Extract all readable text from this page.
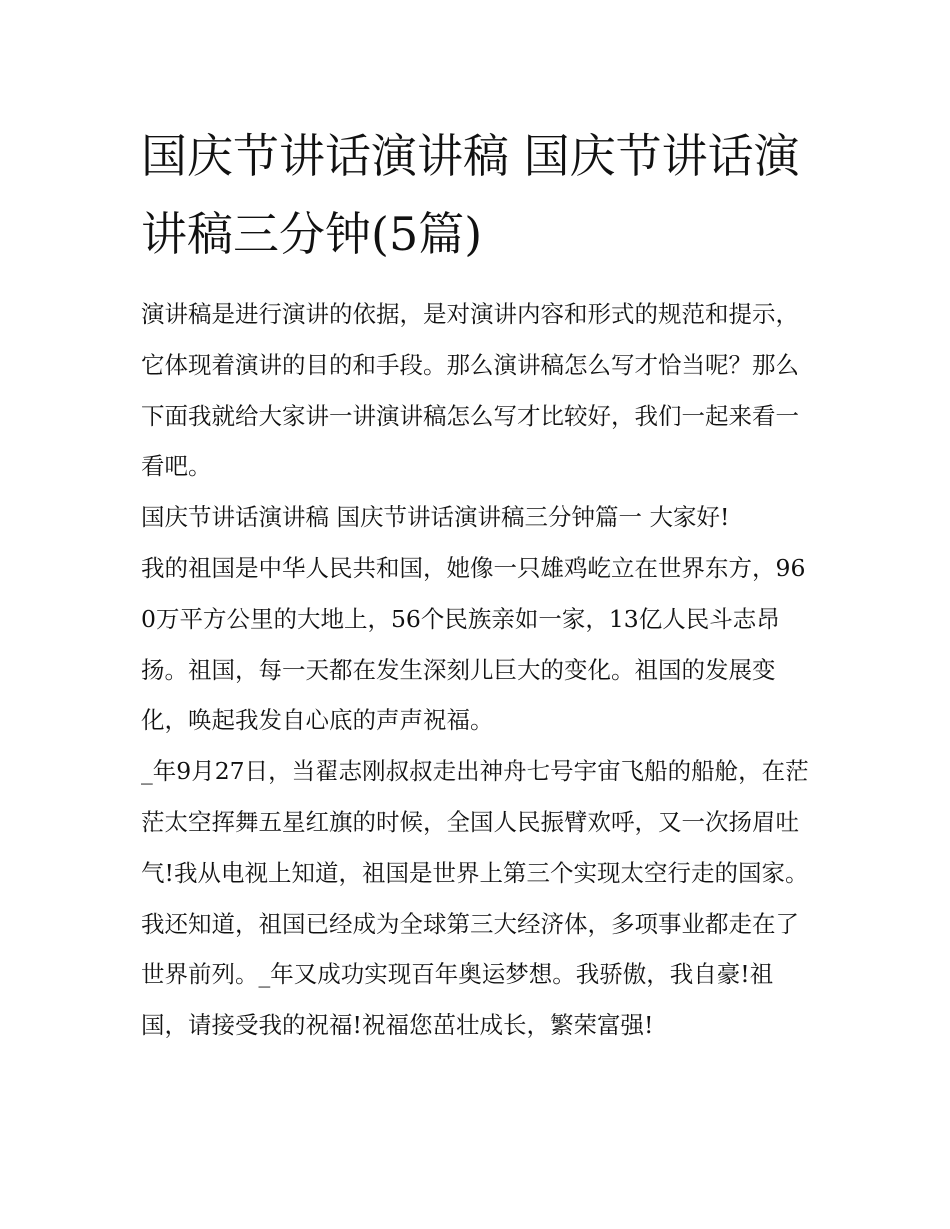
国庆节讲话演讲稿 国庆节讲话演讲稿三分钟(5篇)

演讲稿是进行演讲的依据，是对演讲内容和形式的规范和提示，它体现着演讲的目的和手段。那么演讲稿怎么写才恰当呢？那么下面我就给大家讲一讲演讲稿怎么写才比较好，我们一起来看一看吧。

国庆节讲话演讲稿 国庆节讲话演讲稿三分钟篇一 大家好!

我的祖国是中华人民共和国，她像一只雄鸡屹立在世界东方，960万平方公里的大地上，56个民族亲如一家，13亿人民斗志昂扬。祖国，每一天都在发生深刻儿巨大的变化。祖国的发展变化，唤起我发自心底的声声祝福。

_年9月27日，当翟志刚叔叔走出神舟七号宇宙飞船的船舱，在茫茫太空挥舞五星红旗的时候，全国人民振臂欢呼，又一次扬眉吐气!我从电视上知道，祖国是世界上第三个实现太空行走的国家。我还知道，祖国已经成为全球第三大经济体，多项事业都走在了世界前列。_年又成功实现百年奥运梦想。我骄傲，我自豪!祖国，请接受我的祝福!祝福您茁壮成长，繁荣富强!
